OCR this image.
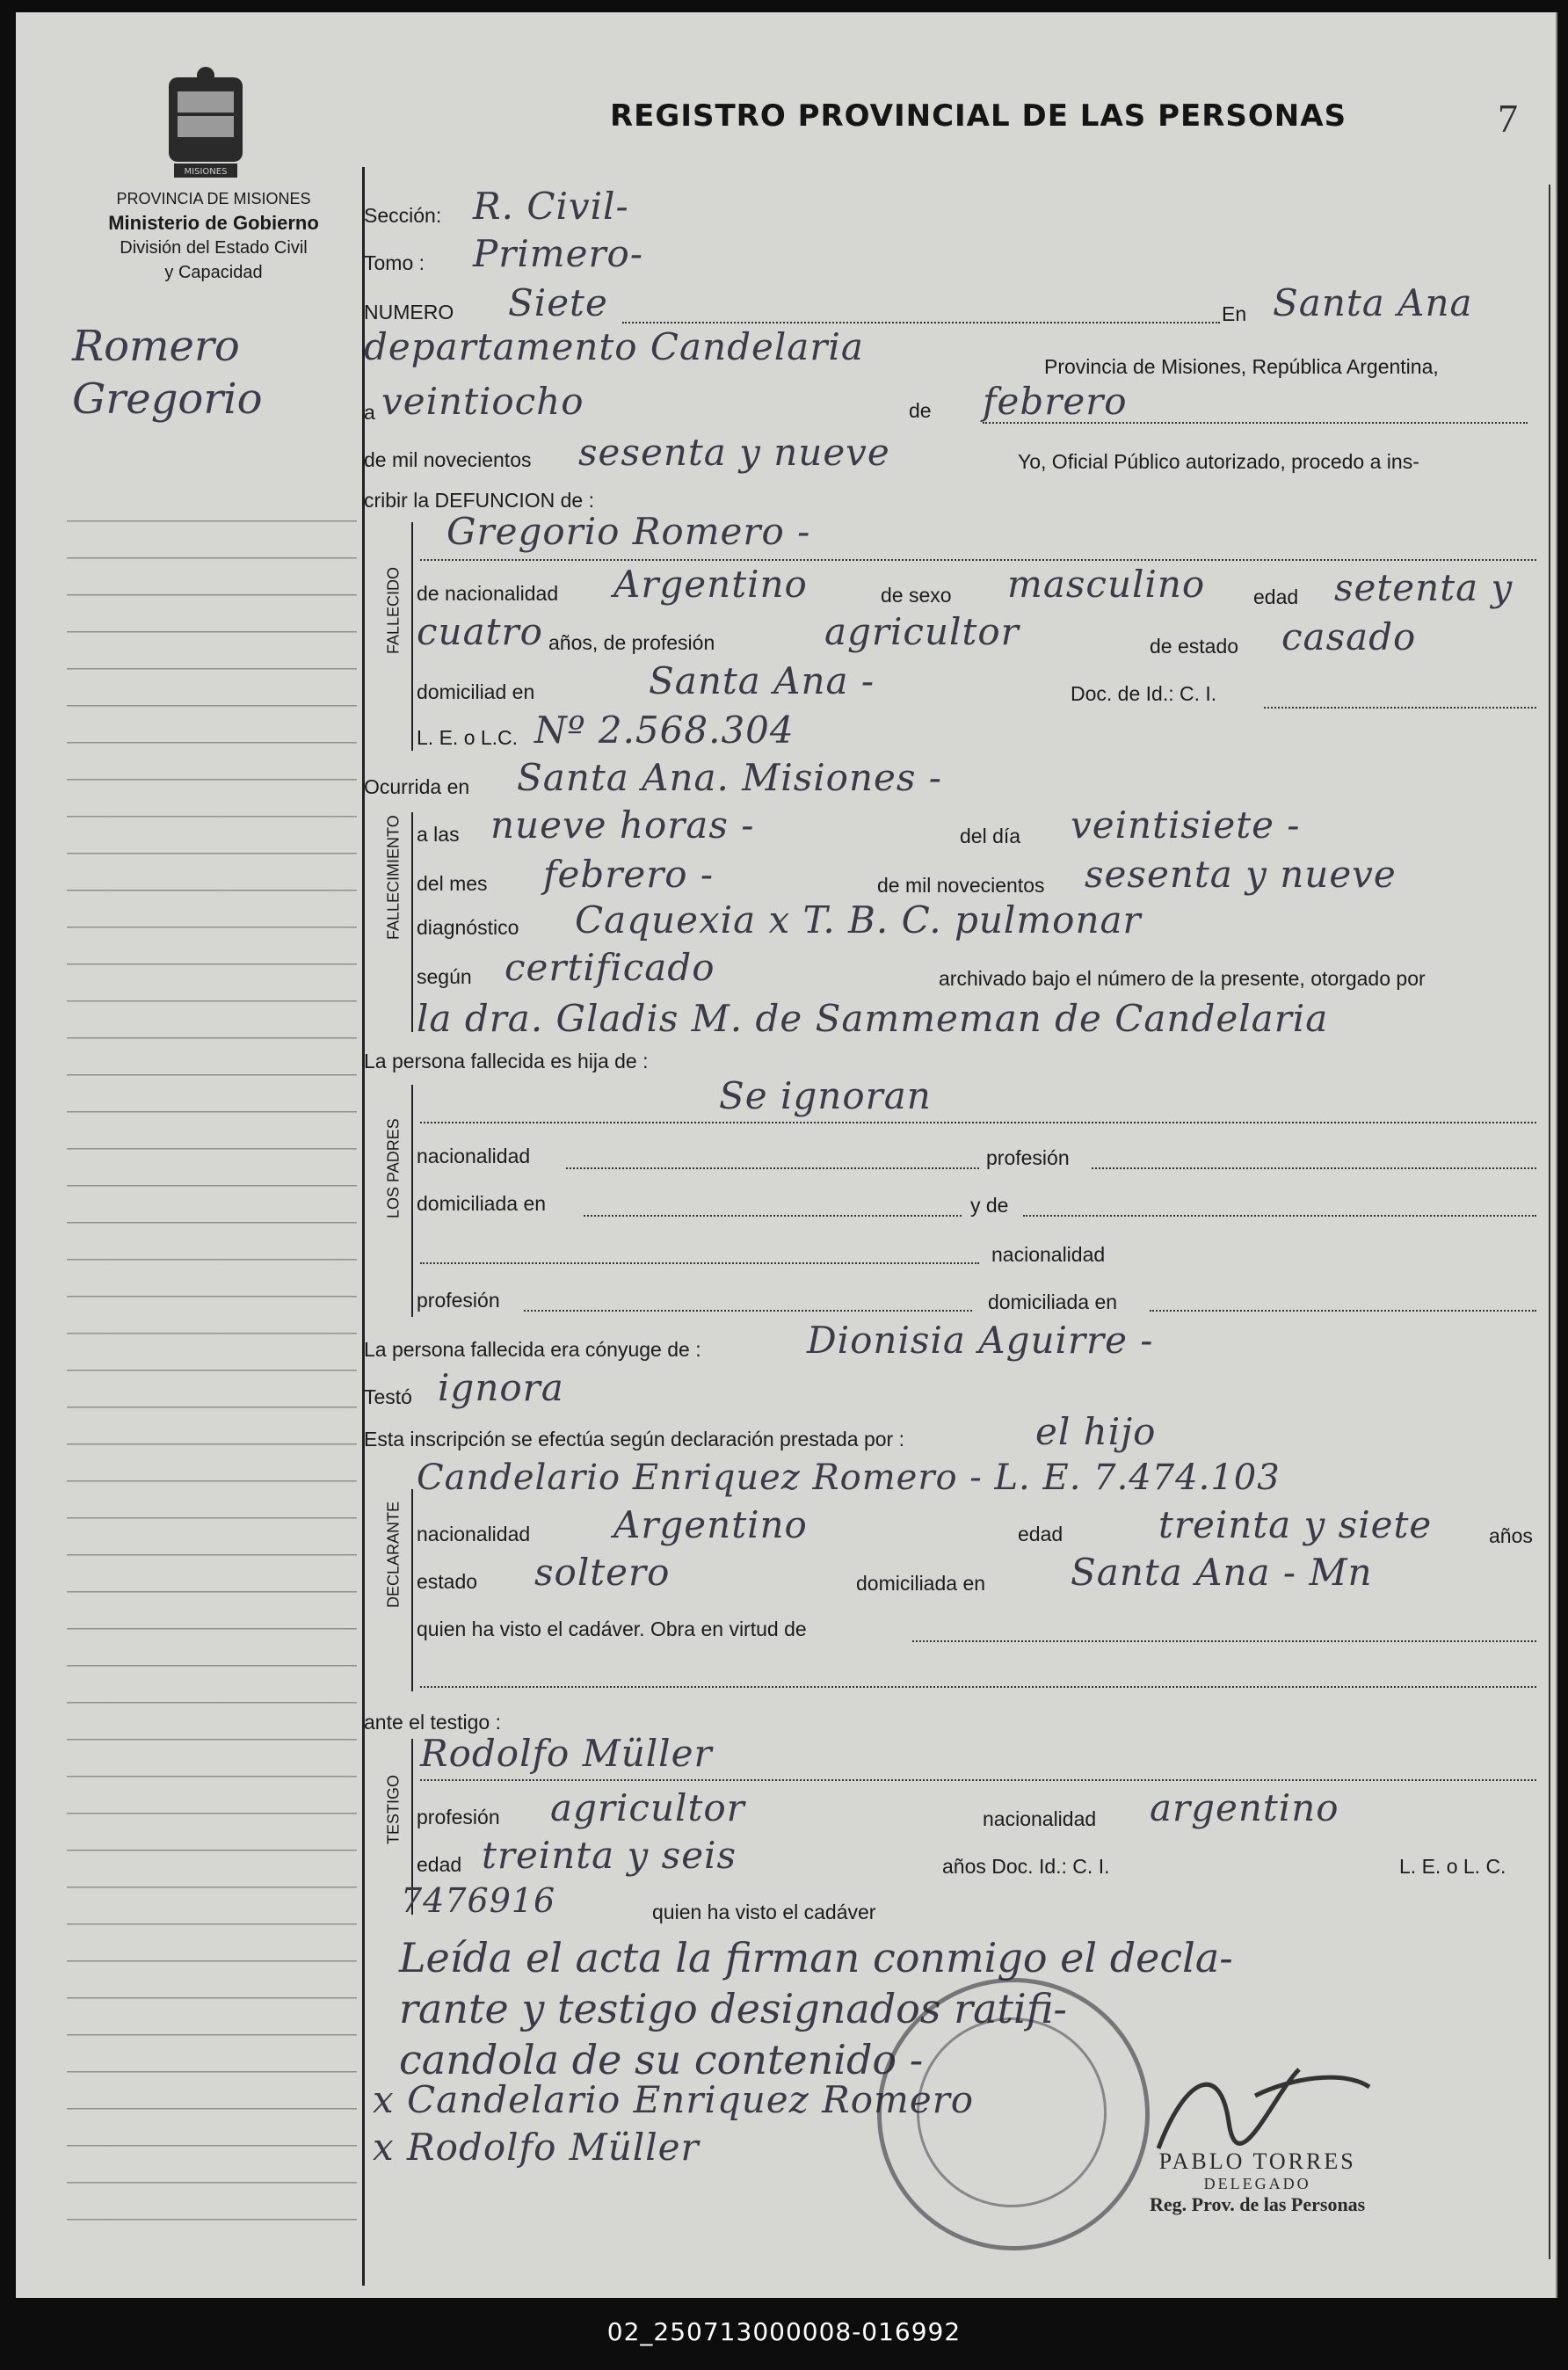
MISIONES
PROVINCIA DE MISIONES
Ministerio de Gobierno
División del Estado Civil
y Capacidad
REGISTRO PROVINCIAL DE LAS PERSONAS	7
Romero
Gregorio
Sección: R. Civil-
Tomo : Primero-
NUMERO Siete	En Santa Ana
departamento Candelaria	Provincia de Misiones, República Argentina,
a veintiocho	de febrero
de mil novecientos sesenta y nueve	Yo, Oficial Público autorizado, procedo a ins-
cribir la DEFUNCION de :
FALLECIDO
Gregorio Romero -
de nacionalidad Argentino	de sexo masculino edad setenta y
cuatro años, de profesión	agricultor	de estado casado
domiciliad en	Santa Ana -	Doc. de Id.: C. I.
L. E. o L.C. Nº 2.568.304
Ocurrida en Santa Ana. Misiones -
FALLECIMIENTO a las nueve horas -	del día veintisiete -
del mes febrero -	de mil novecientos sesenta y nueve
diagnóstico Caquexia x T. B. C. pulmonar
según certificado	archivado bajo el número de la presente, otorgado por
la dra. Gladis M. de Sammeman de Candelaria
La persona fallecida es hija de :
LOS PADRES
Se ignoran
nacionalidad	profesión
domiciliada en	y de
nacionalidad
profesión	domiciliada en
La persona fallecida era cónyuge de :	Dionisia Aguirre -
Testó ignora
Esta inscripción se efectúa según declaración prestada por :	el hijo
Candelario Enriquez Romero - L. E. 7.474.103
DECLARANTE nacionalidad Argentino	edad	treinta y siete	años
estado soltero	domiciliada en Santa Ana - Mn
quien ha visto el cadáver. Obra en virtud de
ante el testigo :
TESTIGO
Rodolfo Müller
profesión agricultor	nacionalidad argentino
edad treinta y seis	años Doc. Id.: C. I.	L. E. o L. C.
7476916	quien ha visto el cadáver
Leída el acta la firman conmigo el decla-
rante y testigo designados ratifi-
candola de su contenido -
x Candelario Enriquez Romero
x Rodolfo Müller	PABLO TORRES
DELEGADO
Reg. Prov. de las Personas
02_250713000008-016992
